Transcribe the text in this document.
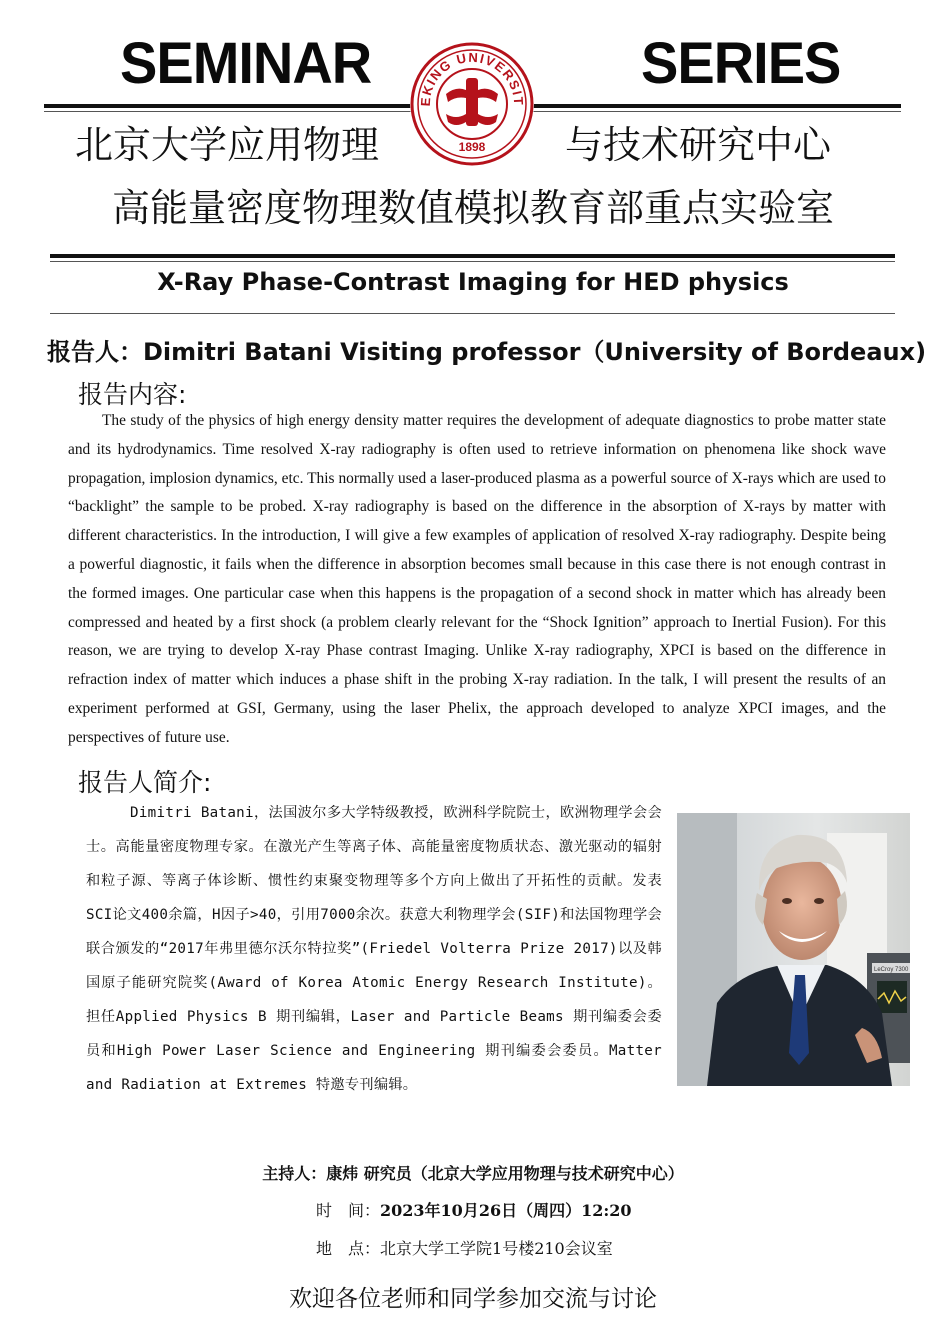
SEMINAR	SERIES
北京大学应用物理	与技术研究中心
高能量密度物理数值模拟教育部重点实验室
EKING UNIVERSIT
1898
X-Ray Phase-Contrast Imaging for HED physics
报告人：Dimitri Batani Visiting professor（University of Bordeaux)
报告内容:

The study of the physics of high energy density matter requires the development of adequate diagnostics to probe matter state and its hydrodynamics. Time resolved X-ray radiography is often used to retrieve information on phenomena like shock wave propagation, implosion dynamics, etc. This normally used a laser-produced plasma as a powerful source of X-rays which are used to “backlight” the sample to be probed. X-ray radiography is based on the difference in the absorption of X-rays by matter with different characteristics. In the introduction, I will give a few examples of application of resolved X-ray radiography. Despite being a powerful diagnostic, it fails when the difference in absorption becomes small because in this case there is not enough contrast in the formed images. One particular case when this happens is the propagation of a second shock in matter which has already been compressed and heated by a first shock (a problem clearly relevant for the “Shock Ignition” approach to Inertial Fusion). For this reason, we are trying to develop X-ray Phase contrast Imaging. Unlike X-ray radiography, XPCI is based on the difference in refraction index of matter which induces a phase shift in the probing X-ray radiation. In the talk, I will present the results of an experiment performed at GSI, Germany, using the laser Phelix, the approach developed to analyze XPCI images, and the perspectives of future use.

报告人简介:

Dimitri Batani，法国波尔多大学特级教授，欧洲科学院院士，欧洲物理学会会士。高能量密度物理专家。在激光产生等离子体、高能量密度物质状态、激光驱动的辐射和粒子源、等离子体诊断、惯性约束聚变物理等多个方向上做出了开拓性的贡献。发表SCI论文400余篇，H因子>40，引用7000余次。获意大利物理学会(SIF)和法国物理学会联合颁发的“2017年弗里德尔沃尔特拉奖”(Friedel Volterra Prize 2017)以及韩国原子能研究院奖(Award of Korea Atomic Energy Research Institute)。担任Applied Physics B 期刊编辑，Laser and Particle Beams 期刊编委会委员和High Power Laser Science and Engineering 期刊编委会委员。Matter and Radiation at Extremes 特邀专刊编辑。

LeCroy 7300
主持人：康炜 研究员（北京大学应用物理与技术研究中心）
时　间：2023年10月26日（周四）12:20
地　点：北京大学工学院1号楼210会议室
欢迎各位老师和同学参加交流与讨论
